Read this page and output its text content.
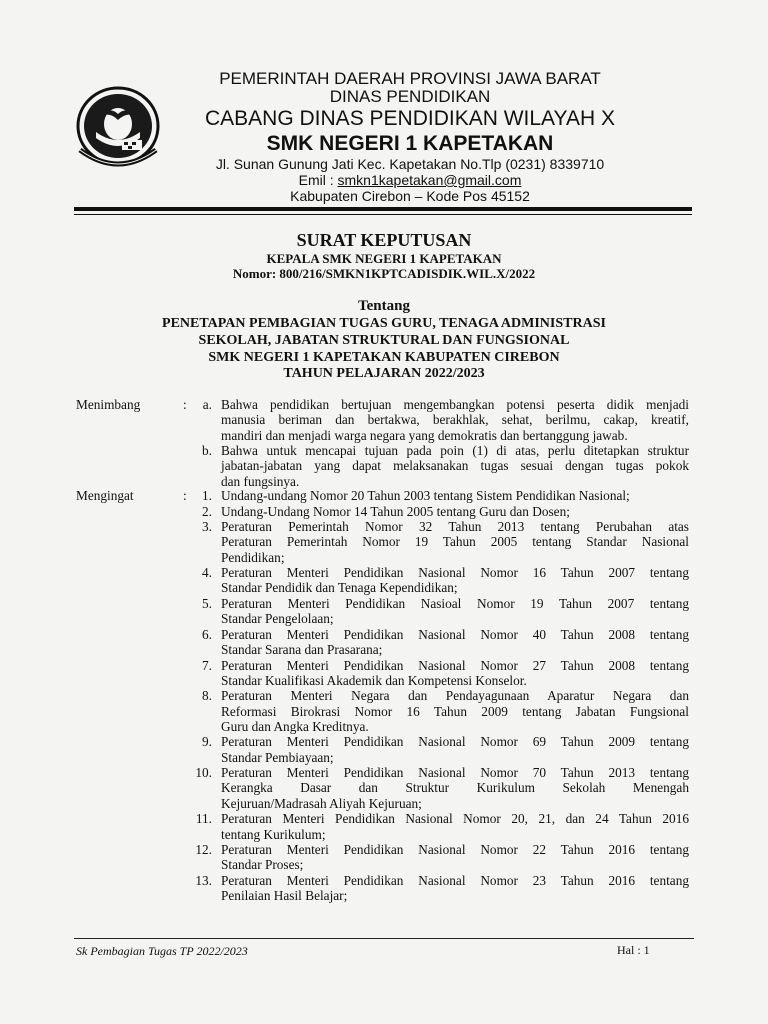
PEMERINTAH DAERAH PROVINSI JAWA BARAT
DINAS PENDIDIKAN
CABANG DINAS PENDIDIKAN WILAYAH X
SMK NEGERI 1 KAPETAKAN
Jl. Sunan Gunung Jati Kec. Kapetakan No.Tlp (0231) 8339710
Emil : smkn1kapetakan@gmail.com
Kabupaten Cirebon – Kode Pos 45152
SURAT KEPUTUSAN
KEPALA SMK NEGERI 1 KAPETAKAN
Nomor: 800/216/SMKN1KPTCADISDIK.WIL.X/2022
Tentang
PENETAPAN PEMBAGIAN TUGAS GURU, TENAGA ADMINISTRASI
SEKOLAH, JABATAN STRUKTURAL DAN FUNGSIONAL
SMK NEGERI 1 KAPETAKAN KABUPATEN CIREBON
TAHUN PELAJARAN 2022/2023
Menimbang	:	a. Bahwa pendidikan bertujuan mengembangkan potensi peserta didik menjadi
manusia beriman dan bertakwa, berakhlak, sehat, berilmu, cakap, kreatif,
mandiri dan menjadi warga negara yang demokratis dan bertanggung jawab.
b. Bahwa untuk mencapai tujuan pada poin (1) di atas, perlu ditetapkan struktur
jabatan-jabatan yang dapat melaksanakan tugas sesuai dengan tugas pokok
dan fungsinya.
Mengingat	:	1. Undang-undang Nomor 20 Tahun 2003 tentang Sistem Pendidikan Nasional;
2. Undang-Undang Nomor 14 Tahun 2005 tentang Guru dan Dosen;
3. Peraturan Pemerintah Nomor 32 Tahun 2013 tentang Perubahan atas
Peraturan Pemerintah Nomor 19 Tahun 2005 tentang Standar Nasional
Pendidikan;
4. Peraturan Menteri Pendidikan Nasional Nomor 16 Tahun 2007 tentang
Standar Pendidik dan Tenaga Kependidikan;
5. Peraturan Menteri Pendidikan Nasioal Nomor 19 Tahun 2007 tentang
Standar Pengelolaan;
6. Peraturan Menteri Pendidikan Nasional Nomor 40 Tahun 2008 tentang
Standar Sarana dan Prasarana;
7. Peraturan Menteri Pendidikan Nasional Nomor 27 Tahun 2008 tentang
Standar Kualifikasi Akademik dan Kompetensi Konselor.
8. Peraturan Menteri Negara dan Pendayagunaan Aparatur Negara dan
Reformasi Birokrasi Nomor 16 Tahun 2009 tentang Jabatan Fungsional
Guru dan Angka Kreditnya.
9. Peraturan Menteri Pendidikan Nasional Nomor 69 Tahun 2009 tentang
Standar Pembiayaan;
10. Peraturan Menteri Pendidikan Nasional Nomor 70 Tahun 2013 tentang
Kerangka Dasar dan Struktur Kurikulum Sekolah Menengah
Kejuruan/Madrasah Aliyah Kejuruan;
11. Peraturan Menteri Pendidikan Nasional Nomor 20, 21, dan 24 Tahun 2016
tentang Kurikulum;
12. Peraturan Menteri Pendidikan Nasional Nomor 22 Tahun 2016 tentang
Standar Proses;
13. Peraturan Menteri Pendidikan Nasional Nomor 23 Tahun 2016 tentang
Penilaian Hasil Belajar;
Sk Pembagian Tugas TP 2022/2023	Hal : 1
